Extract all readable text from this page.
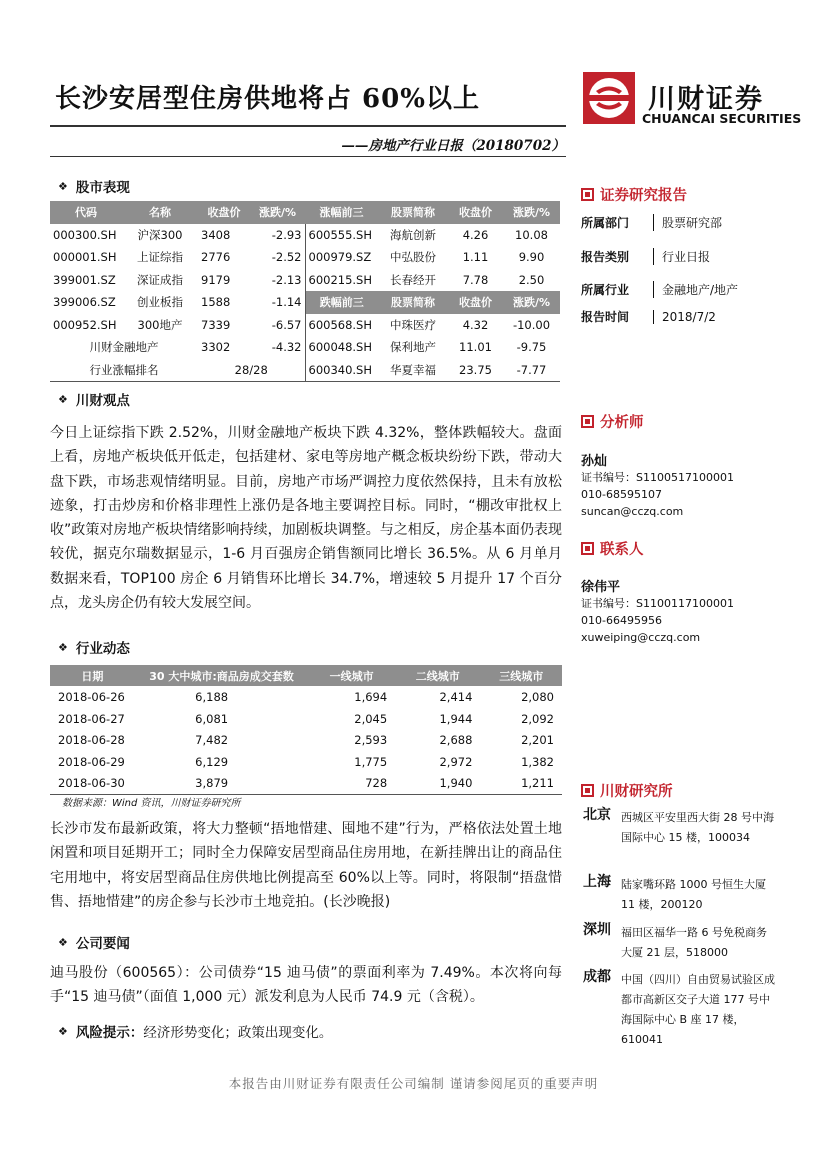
长沙安居型住房供地将占 60%以上
——房地产行业日报（20180702）
川财证券
CHUANCAI SECURITIES
❖ 股市表现
代码	名称	收盘价	涨跌/%	涨幅前三	股票简称	收盘价	涨跌/%
000300.SH	沪深300	3408	-2.93	600555.SH	海航创新	4.26	10.08
000001.SH	上证综指	2776	-2.52	000979.SZ	中弘股份	1.11	9.90
399001.SZ	深证成指	9179	-2.13	600215.SH	长春经开	7.78	2.50
399006.SZ	创业板指	1588	-1.14	跌幅前三	股票简称	收盘价	涨跌/%
000952.SH	300地产	7339	-6.57	600568.SH	中珠医疗	4.32	-10.00
川财金融地产		3302	-4.32	600048.SH	保利地产	11.01	-9.75
行业涨幅排名		28/28		600340.SH	华夏幸福	23.75	-7.77
❖ 川财观点
今日上证综指下跌 2.52%，川财金融地产板块下跌 4.32%，整体跌幅较大。盘面上看，房地产板块低开低走，包括建材、家电等房地产概念板块纷纷下跌，带动大盘下跌，市场悲观情绪明显。目前，房地产市场严调控力度依然保持，且未有放松迹象，打击炒房和价格非理性上涨仍是各地主要调控目标。同时，“棚改审批权上收”政策对房地产板块情绪影响持续，加剧板块调整。与之相反，房企基本面仍表现较优，据克尔瑞数据显示，1-6 月百强房企销售额同比增长 36.5%。从 6 月单月数据来看，TOP100 房企 6 月销售环比增长 34.7%，增速较 5 月提升 17 个百分点，龙头房企仍有较大发展空间。
❖ 行业动态
日期	30 大中城市:商品房成交套数	一线城市	二线城市	三线城市
2018-06-26	6,188	1,694	2,414	2,080
2018-06-27	6,081	2,045	1,944	2,092
2018-06-28	7,482	2,593	2,688	2,201
2018-06-29	6,129	1,775	2,972	1,382
2018-06-30	3,879	728	1,940	1,211
数据来源：Wind 资讯，川财证券研究所
长沙市发布最新政策，将大力整顿“捂地惜建、囤地不建”行为，严格依法处置土地闲置和项目延期开工；同时全力保障安居型商品住房用地，在新挂牌出让的商品住宅用地中，将安居型商品住房供地比例提高至 60%以上等。同时，将限制“捂盘惜售、捂地惜建”的房企参与长沙市土地竞拍。(长沙晚报)
❖ 公司要闻
迪马股份（600565）：公司债券“15 迪马债”的票面利率为 7.49%。本次将向每手“15 迪马债”（面值 1,000 元）派发利息为人民币 74.9 元（含税）。
❖ 风险提示： 经济形势变化；政策出现变化。
证券研究报告
所属部门	股票研究部
报告类别	行业日报
所属行业	金融地产/地产
报告时间	2018/7/2
分析师
孙灿
证书编号：S1100517100001
010-68595107
suncan@cczq.com
联系人
徐伟平
证书编号：S1100117100001
010-66495956
xuweiping@cczq.com
川财研究所
北京 西城区平安里西大街 28 号中海国际中心 15 楼，100034
上海 陆家嘴环路 1000 号恒生大厦 11 楼，200120
深圳 福田区福华一路 6 号免税商务大厦 21 层，518000
成都 中国（四川）自由贸易试验区成都市高新区交子大道 177 号中海国际中心 B 座 17 楼，610041
本报告由川财证券有限责任公司编制 谨请参阅尾页的重要声明
